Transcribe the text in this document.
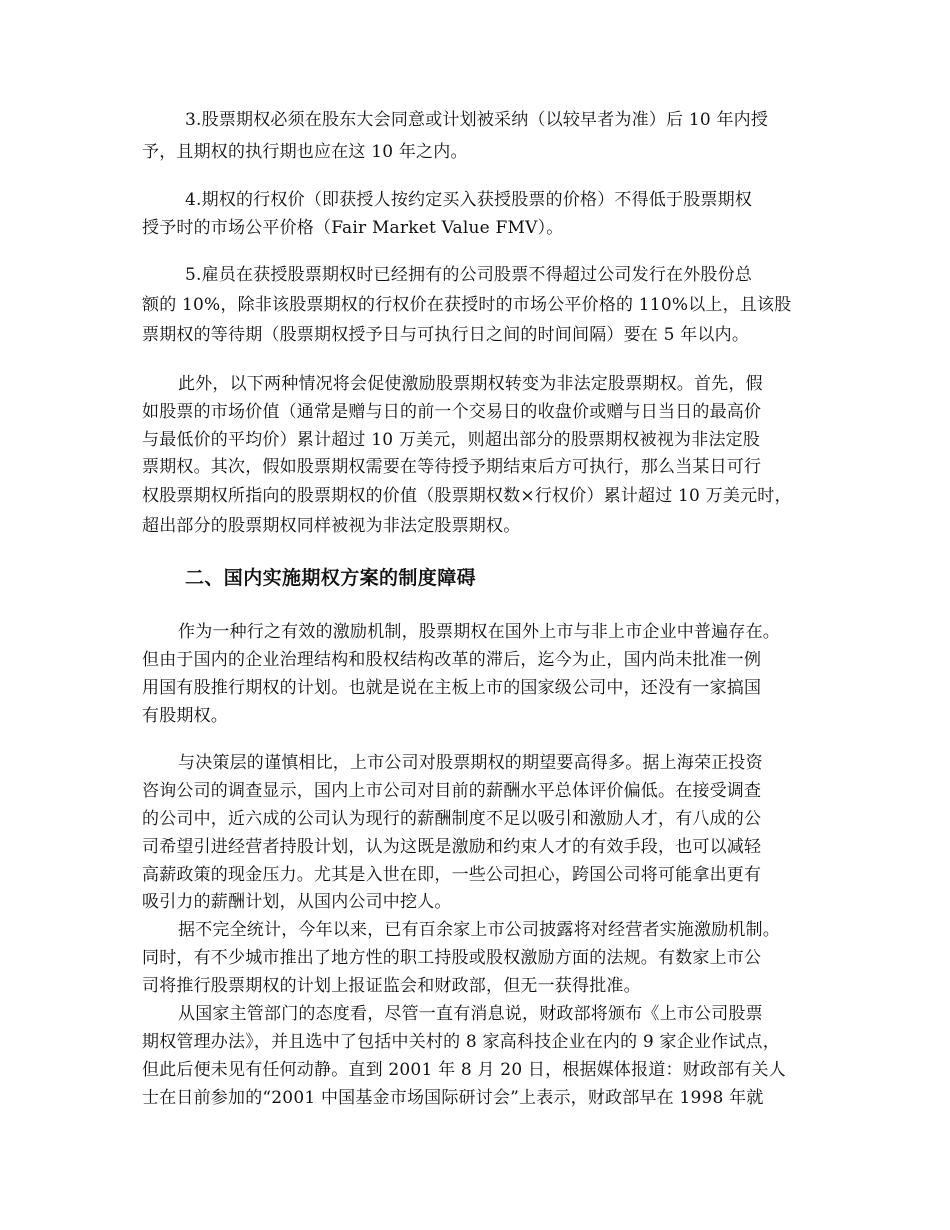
3.股票期权必须在股东大会同意或计划被采纳（以较早者为准）后 10 年内授
予，且期权的执行期也应在这 10 年之内。
4.期权的行权价（即获授人按约定买入获授股票的价格）不得低于股票期权
授予时的市场公平价格（Fair Market Value FMV）。
5.雇员在获授股票期权时已经拥有的公司股票不得超过公司发行在外股份总
额的 10%，除非该股票期权的行权价在获授时的市场公平价格的 110%以上，且该股
票期权的等待期（股票期权授予日与可执行日之间的时间间隔）要在 5 年以内。
此外，以下两种情况将会促使激励股票期权转变为非法定股票期权。首先，假
如股票的市场价值（通常是赠与日的前一个交易日的收盘价或赠与日当日的最高价
与最低价的平均价）累计超过 10 万美元，则超出部分的股票期权被视为非法定股
票期权。其次，假如股票期权需要在等待授予期结束后方可执行，那么当某日可行
权股票期权所指向的股票期权的价值（股票期权数×行权价）累计超过 10 万美元时，
超出部分的股票期权同样被视为非法定股票期权。
二、国内实施期权方案的制度障碍
作为一种行之有效的激励机制，股票期权在国外上市与非上市企业中普遍存在。
但由于国内的企业治理结构和股权结构改革的滞后，迄今为止，国内尚未批准一例
用国有股推行期权的计划。也就是说在主板上市的国家级公司中，还没有一家搞国
有股期权。
与决策层的谨慎相比，上市公司对股票期权的期望要高得多。据上海荣正投资
咨询公司的调查显示，国内上市公司对目前的薪酬水平总体评价偏低。在接受调查
的公司中，近六成的公司认为现行的薪酬制度不足以吸引和激励人才，有八成的公
司希望引进经营者持股计划，认为这既是激励和约束人才的有效手段，也可以减轻
高薪政策的现金压力。尤其是入世在即，一些公司担心，跨国公司将可能拿出更有
吸引力的薪酬计划，从国内公司中挖人。
据不完全统计，今年以来，已有百余家上市公司披露将对经营者实施激励机制。
同时，有不少城市推出了地方性的职工持股或股权激励方面的法规。有数家上市公
司将推行股票期权的计划上报证监会和财政部，但无一获得批准。
从国家主管部门的态度看，尽管一直有消息说，财政部将颁布《上市公司股票
期权管理办法》，并且选中了包括中关村的 8 家高科技企业在内的 9 家企业作试点，
但此后便未见有任何动静。直到 2001 年 8 月 20 日，根据媒体报道：财政部有关人
士在日前参加的“2001 中国基金市场国际研讨会”上表示，财政部早在 1998 年就
